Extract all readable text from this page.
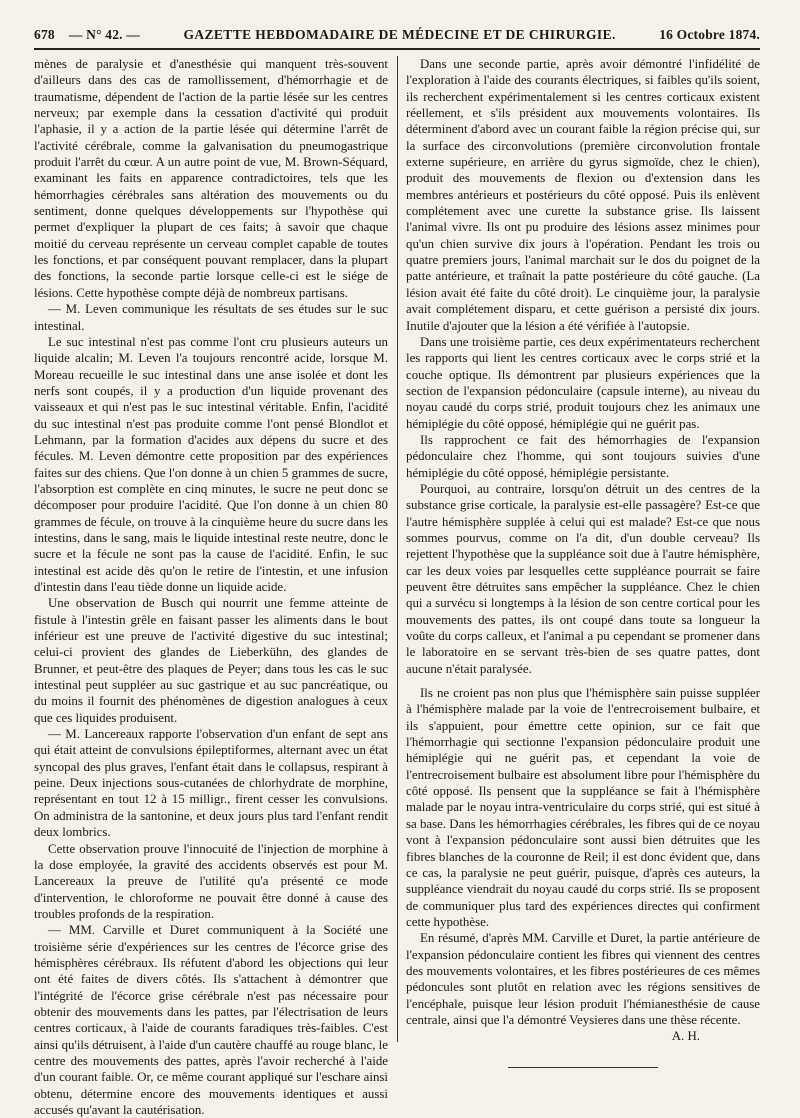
678 — N° 42. —	GAZETTE HEBDOMADAIRE DE MÉDECINE ET DE CHIRURGIE.	16 Octobre 1874.

mènes de paralysie et d'anesthésie qui manquent très-souvent d'ailleurs dans des cas de ramollissement, d'hémorrhagie et de traumatisme, dépendent de l'action de la partie lésée sur les centres nerveux; par exemple dans la cessation d'activité qui produit l'aphasie, il y a action de la partie lésée qui détermine l'arrêt de l'activité cérébrale, comme la galvanisation du pneumogastrique produit l'arrêt du cœur. A un autre point de vue, M. Brown-Séquard, examinant les faits en apparence contradictoires, tels que les hémorrhagies cérébrales sans altération des mouvements ou du sentiment, donne quelques développements sur l'hypothèse qui permet d'expliquer la plupart de ces faits; à savoir que chaque moitié du cerveau représente un cerveau complet capable de toutes les fonctions, et par conséquent pouvant remplacer, dans la plupart des fonctions, la seconde partie lorsque celle-ci est le siége de lésions. Cette hypothèse compte déjà de nombreux partisans.

— M. Leven communique les résultats de ses études sur le suc intestinal.

Le suc intestinal n'est pas comme l'ont cru plusieurs auteurs un liquide alcalin; M. Leven l'a toujours rencontré acide, lorsque M. Moreau recueille le suc intestinal dans une anse isolée et dont les nerfs sont coupés, il y a production d'un liquide provenant des vaisseaux et qui n'est pas le suc intestinal véritable. Enfin, l'acidité du suc intestinal n'est pas produite comme l'ont pensé Blondlot et Lehmann, par la formation d'acides aux dépens du sucre et des fécules. M. Leven démontre cette proposition par des expériences faites sur des chiens. Que l'on donne à un chien 5 grammes de sucre, l'absorption est complète en cinq minutes, le sucre ne peut donc se décomposer pour produire l'acidité. Que l'on donne à un chien 80 grammes de fécule, on trouve à la cinquième heure du sucre dans les intestins, dans le sang, mais le liquide intestinal reste neutre, donc le sucre et la fécule ne sont pas la cause de l'acidité. Enfin, le suc intestinal est acide dès qu'on le retire de l'intestin, et une infusion d'intestin dans l'eau tiède donne un liquide acide.

Une observation de Busch qui nourrit une femme atteinte de fistule à l'intestin grêle en faisant passer les aliments dans le bout inférieur est une preuve de l'activité digestive du suc intestinal; celui-ci provient des glandes de Lieberkühn, des glandes de Brunner, et peut-être des plaques de Peyer; dans tous les cas le suc intestinal peut suppléer au suc gastrique et au suc pancréatique, ou du moins il fournit des phénomènes de digestion analogues à ceux que ces liquides produisent.

— M. Lancereaux rapporte l'observation d'un enfant de sept ans qui était atteint de convulsions épileptiformes, alternant avec un état syncopal des plus graves, l'enfant était dans le collapsus, respirant à peine. Deux injections sous-cutanées de chlorhydrate de morphine, représentant en tout 12 à 15 milligr., firent cesser les convulsions. On administra de la santonine, et deux jours plus tard l'enfant rendit deux lombrics.

Cette observation prouve l'innocuité de l'injection de morphine à la dose employée, la gravité des accidents observés est pour M. Lancereaux la preuve de l'utilité qu'a présenté ce mode d'intervention, le chloroforme ne pouvait être donné à cause des troubles profonds de la respiration.

— MM. Carville et Duret communiquent à la Société une troisième série d'expériences sur les centres de l'écorce grise des hémisphères cérébraux. Ils réfutent d'abord les objections qui leur ont été faites de divers côtés. Ils s'attachent à démontrer que l'intégrité de l'écorce grise cérébrale n'est pas nécessaire pour obtenir des mouvements dans les pattes, par l'électrisation de leurs centres corticaux, à l'aide de courants faradiques très-faibles. C'est ainsi qu'ils détruisent, à l'aide d'un cautère chauffé au rouge blanc, le centre des mouvements des pattes, après l'avoir recherché à l'aide d'un courant faible. Or, ce même courant appliqué sur l'eschare ainsi obtenu, détermine encore des mouvements identiques et aussi accusés qu'avant la cautérisation.

Dans une seconde partie, après avoir démontré l'infidélité de l'exploration à l'aide des courants électriques, si faibles qu'ils soient, ils recherchent expérimentalement si les centres corticaux existent réellement, et s'ils président aux mouvements volontaires. Ils déterminent d'abord avec un courant faible la région précise qui, sur la surface des circonvolutions (première circonvolution frontale externe supérieure, en arrière du gyrus sigmoïde, chez le chien), produit des mouvements de flexion ou d'extension dans les membres antérieurs et postérieurs du côté opposé. Puis ils enlèvent complétement avec une curette la substance grise. Ils laissent l'animal vivre. Ils ont pu produire des lésions assez minimes pour qu'un chien survive dix jours à l'opération. Pendant les trois ou quatre premiers jours, l'animal marchait sur le dos du poignet de la patte antérieure, et traînait la patte postérieure du côté gauche. (La lésion avait été faite du côté droit). Le cinquième jour, la paralysie avait complétement disparu, et cette guérison a persisté dix jours. Inutile d'ajouter que la lésion a été vérifiée à l'autopsie.

Dans une troisième partie, ces deux expérimentateurs recherchent les rapports qui lient les centres corticaux avec le corps strié et la couche optique. Ils démontrent par plusieurs expériences que la section de l'expansion pédonculaire (capsule interne), au niveau du noyau caudé du corps strié, produit toujours chez les animaux une hémiplégie du côté opposé, hémiplégie qui ne guérit pas.

Ils rapprochent ce fait des hémorrhagies de l'expansion pédonculaire chez l'homme, qui sont toujours suivies d'une hémiplégie du côté opposé, hémiplégie persistante.

Pourquoi, au contraire, lorsqu'on détruit un des centres de la substance grise corticale, la paralysie est-elle passagère? Est-ce que l'autre hémisphère supplée à celui qui est malade? Est-ce que nous sommes pourvus, comme on l'a dit, d'un double cerveau? Ils rejettent l'hypothèse que la suppléance soit due à l'autre hémisphère, car les deux voies par lesquelles cette suppléance pourrait se faire peuvent être détruites sans empêcher la suppléance. Chez le chien qui a survécu si longtemps à la lésion de son centre cortical pour les mouvements des pattes, ils ont coupé dans toute sa longueur la voûte du corps calleux, et l'animal a pu cependant se promener dans le laboratoire en se servant très-bien de ses quatre pattes, dont aucune n'était paralysée.

Ils ne croient pas non plus que l'hémisphère sain puisse suppléer à l'hémisphère malade par la voie de l'entrecroisement bulbaire, et ils s'appuient, pour émettre cette opinion, sur ce fait que l'hémorrhagie qui sectionne l'expansion pédonculaire produit une hémiplégie qui ne guérit pas, et cependant la voie de l'entrecroisement bulbaire est absolument libre pour l'hémisphère du côté opposé. Ils pensent que la suppléance se fait à l'hémisphère malade par le noyau intra-ventriculaire du corps strié, qui est situé à sa base. Dans les hémorrhagies cérébrales, les fibres qui de ce noyau vont à l'expansion pédonculaire sont aussi bien détruites que les fibres blanches de la couronne de Reil; il est donc évident que, dans ce cas, la paralysie ne peut guérir, puisque, d'après ces auteurs, la suppléance viendrait du noyau caudé du corps strié. Ils se proposent de communiquer plus tard des expériences directes qui confirment cette hypothèse.

En résumé, d'après MM. Carville et Duret, la partie antérieure de l'expansion pédonculaire contient les fibres qui viennent des centres des mouvements volontaires, et les fibres postérieures de ces mêmes pédoncules sont plutôt en relation avec les régions sensitives de l'encéphale, puisque leur lésion produit l'hémianesthésie de cause centrale, ainsi que l'a démontré Veysieres dans une thèse récente.

A. H.
